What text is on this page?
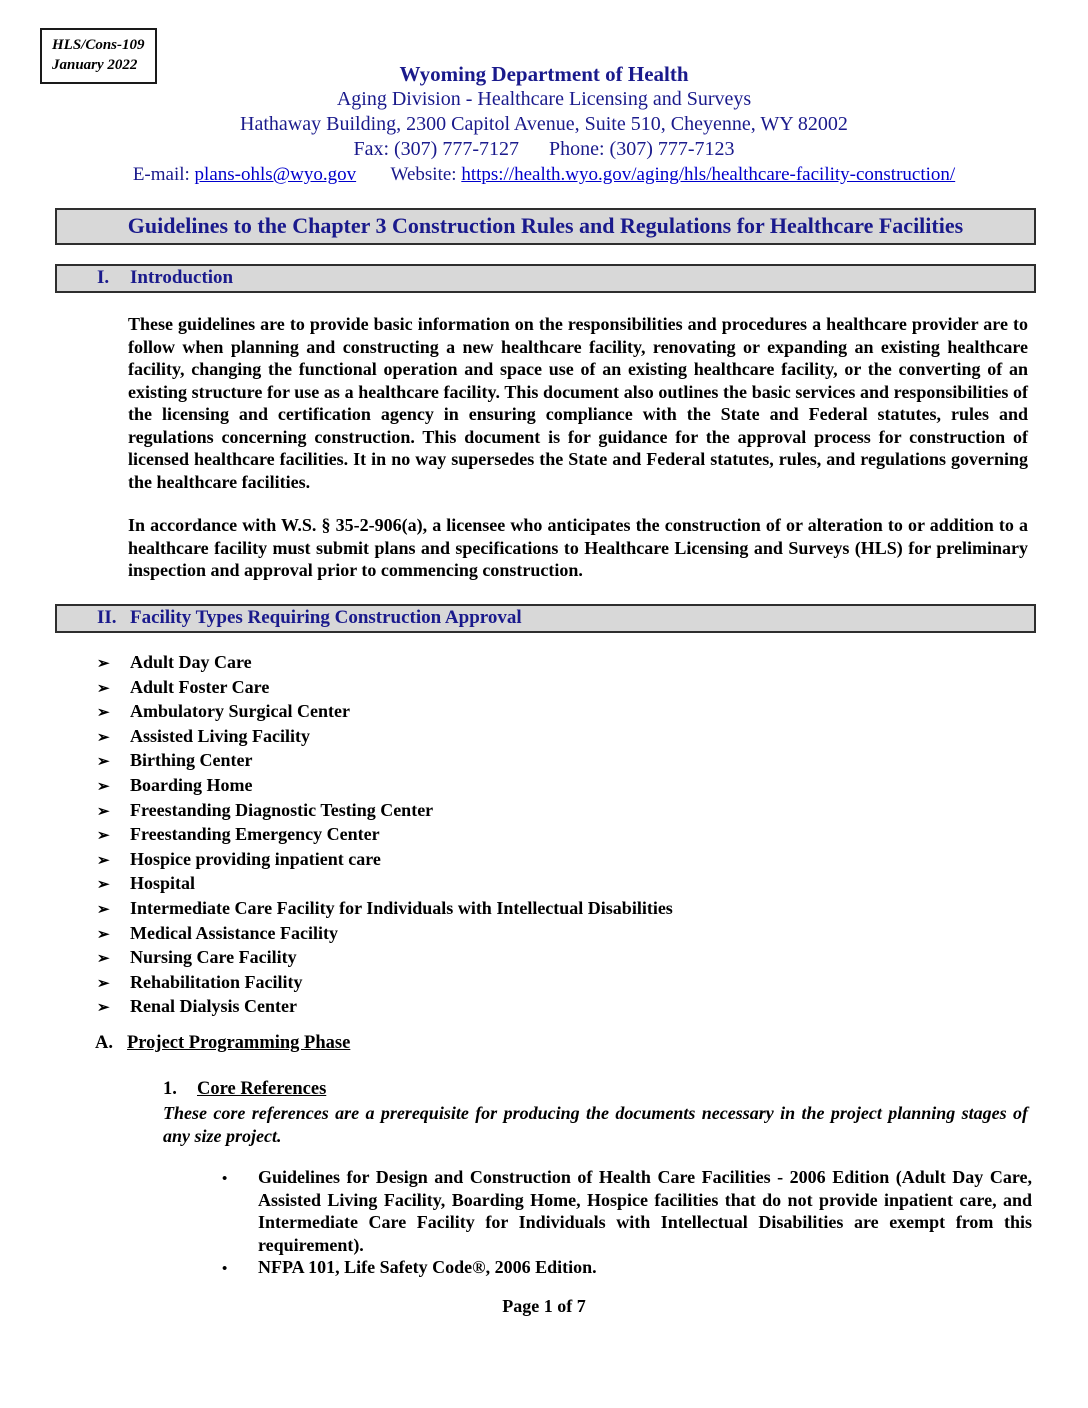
HLS/Cons-109
January 2022	Wyoming Department of Health
Aging Division - Healthcare Licensing and Surveys
Hathaway Building, 2300 Capitol Avenue, Suite 510, Cheyenne, WY 82002
Fax: (307) 777-7127 Phone: (307) 777-7123
E-mail: plans-ohls@wyo.gov Website: https://health.wyo.gov/aging/hls/healthcare-facility-construction/
Guidelines to the Chapter 3 Construction Rules and Regulations for Healthcare Facilities
I. Introduction
These guidelines are to provide basic information on the responsibilities and procedures a healthcare provider are to follow when planning and constructing a new healthcare facility, renovating or expanding an existing healthcare facility, changing the functional operation and space use of an existing healthcare facility, or the converting of an existing structure for use as a healthcare facility. This document also outlines the basic services and responsibilities of the licensing and certification agency in ensuring compliance with the State and Federal statutes, rules and regulations concerning construction. This document is for guidance for the approval process for construction of licensed healthcare facilities. It in no way supersedes the State and Federal statutes, rules, and regulations governing the healthcare facilities.
In accordance with W.S. § 35-2-906(a), a licensee who anticipates the construction of or alteration to or addition to a healthcare facility must submit plans and specifications to Healthcare Licensing and Surveys (HLS) for preliminary inspection and approval prior to commencing construction.
II. Facility Types Requiring Construction Approval
➢	Adult Day Care
➢	Adult Foster Care
➢	Ambulatory Surgical Center
➢	Assisted Living Facility
➢	Birthing Center
➢	Boarding Home
➢	Freestanding Diagnostic Testing Center
➢	Freestanding Emergency Center
➢	Hospice providing inpatient care
➢	Hospital
➢	Intermediate Care Facility for Individuals with Intellectual Disabilities
➢	Medical Assistance Facility
➢	Nursing Care Facility
➢	Rehabilitation Facility
➢	Renal Dialysis Center
A. Project Programming Phase
1. Core References
These core references are a prerequisite for producing the documents necessary in the project planning stages of any size project.
•	Guidelines for Design and Construction of Health Care Facilities - 2006 Edition (Adult Day Care, Assisted Living Facility, Boarding Home, Hospice facilities that do not provide inpatient care, and Intermediate Care Facility for Individuals with Intellectual Disabilities are exempt from this requirement).
•	NFPA 101, Life Safety Code®, 2006 Edition.
Page 1 of 7
